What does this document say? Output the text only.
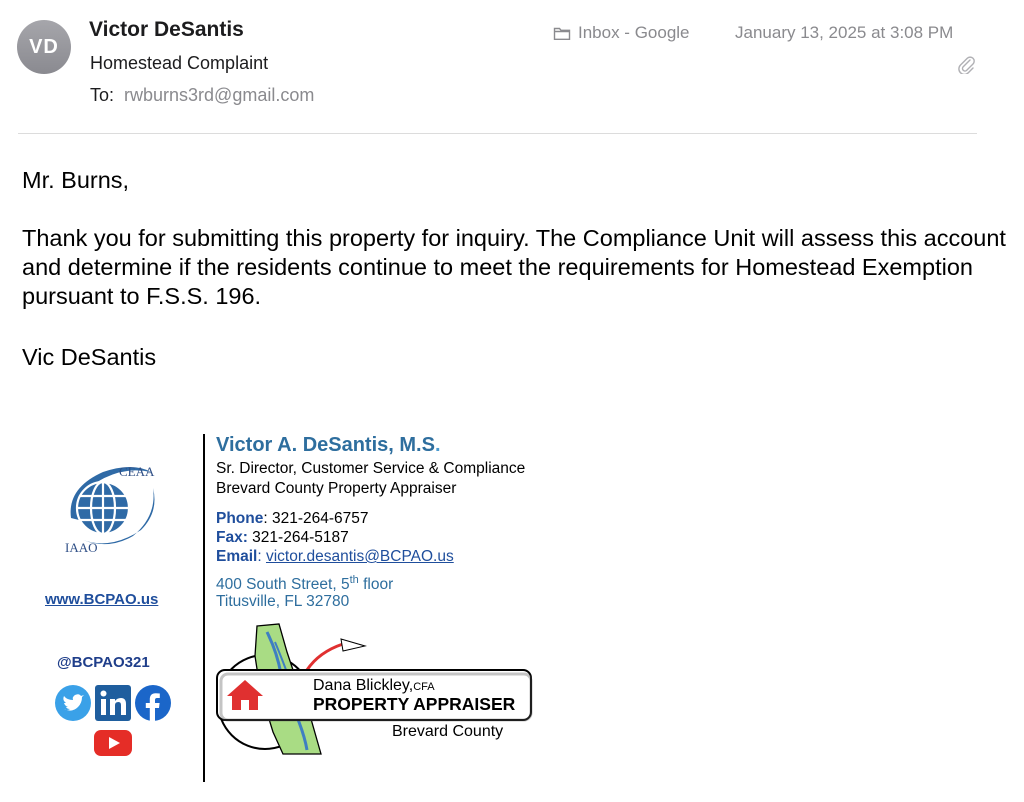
VD
Victor DeSantis
Homestead Complaint
To: rwburns3rd@gmail.com
Inbox - Google	January 13, 2025 at 3:08 PM

Mr. Burns,

Thank you for submitting this property for inquiry. The Compliance Unit will assess this account and determine if the residents continue to meet the requirements for Homestead Exemption pursuant to F.S.S. 196.

Vic DeSantis

CEAA
IAAO
www.BCPAO.us
@BCPAO321
Victor A. DeSantis, M.S.
Sr. Director, Customer Service & Compliance
Brevard County Property Appraiser
Phone: 321-264-6757
Fax: 321-264-5187
Email: victor.desantis@BCPAO.us
400 South Street, 5th floor
Titusville, FL 32780
Dana Blickley,CFA
PROPERTY APPRAISER
Brevard County
